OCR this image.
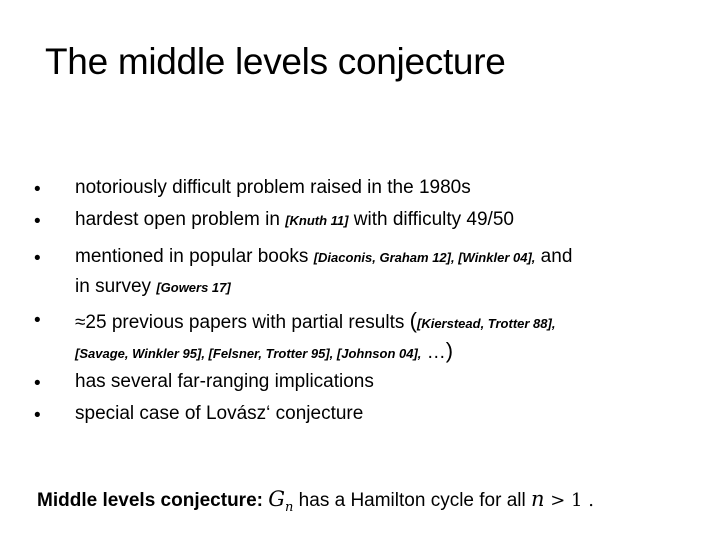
The middle levels conjecture
• notoriously difficult problem raised in the 1980s
• hardest open problem in [Knuth 11] with difficulty 49/50
• mentioned in popular books [Diaconis, Graham 12], [Winkler 04], and
in survey [Gowers 17]
• ≈25 previous papers with partial results ([Kierstead, Trotter 88],
[Savage, Winkler 95], [Felsner, Trotter 95], [Johnson 04], …)
• has several far-ranging implications
• special case of Lovász‘ conjecture
Middle levels conjecture: $G_n$ has a Hamilton cycle for all n > 1 .
